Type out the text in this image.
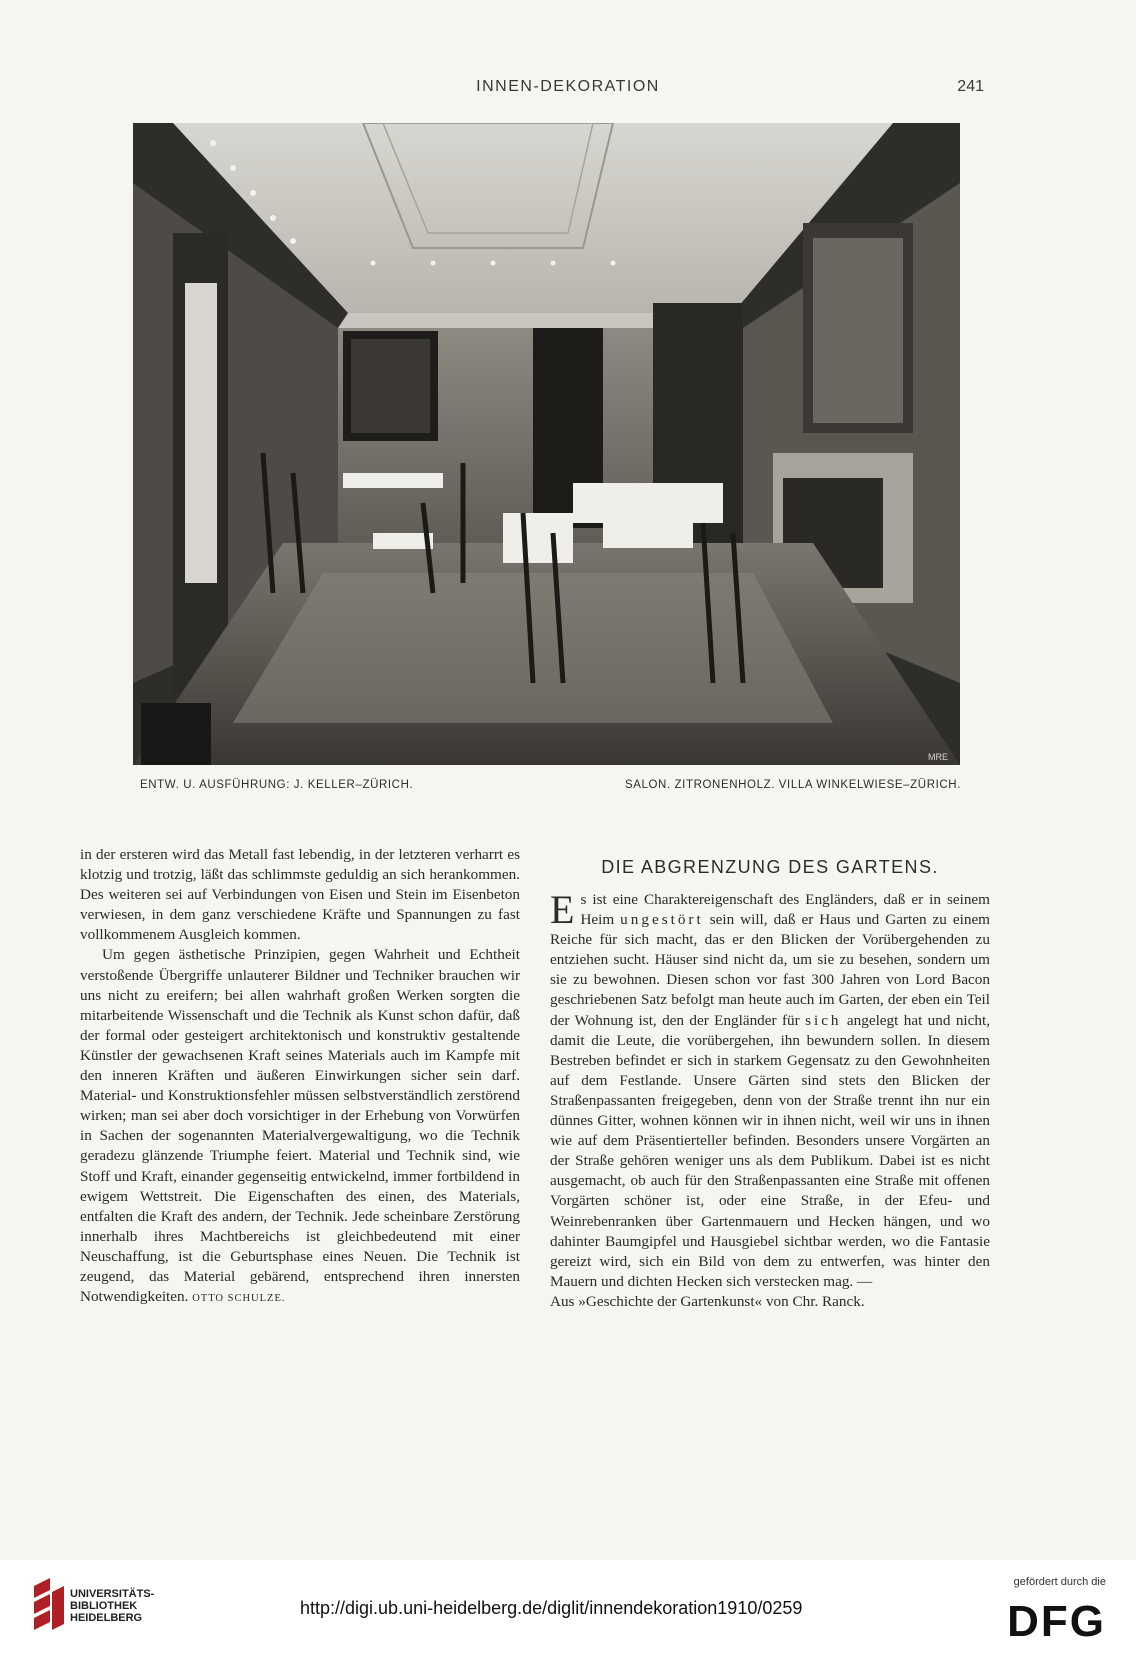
INNEN-DEKORATION	241
MRE
ENTW. U. AUSFÜHRUNG: J. KELLER–ZÜRICH.	SALON. ZITRONENHOLZ. VILLA WINKELWIESE–ZÜRICH.

in der ersteren wird das Metall fast lebendig, in der letzteren verharrt es klotzig und trotzig, läßt das schlimmste geduldig an sich herankommen. Des weiteren sei auf Verbindungen von Eisen und Stein im Eisenbeton verwiesen, in dem ganz verschiedene Kräfte und Spannungen zu fast vollkommenem Ausgleich kommen.

Um gegen ästhetische Prinzipien, gegen Wahrheit und Echtheit verstoßende Übergriffe unlauterer Bildner und Techniker brauchen wir uns nicht zu ereifern; bei allen wahrhaft großen Werken sorgten die mitarbeitende Wissenschaft und die Technik als Kunst schon dafür, daß der formal oder gesteigert architektonisch und konstruktiv gestaltende Künstler der gewachsenen Kraft seines Materials auch im Kampfe mit den inneren Kräften und äußeren Einwirkungen sicher sein darf. Material- und Konstruktionsfehler müssen selbstverständlich zerstörend wirken; man sei aber doch vorsichtiger in der Erhebung von Vorwürfen in Sachen der sogenannten Materialvergewaltigung, wo die Technik geradezu glänzende Triumphe feiert. Material und Technik sind, wie Stoff und Kraft, einander gegenseitig entwickelnd, immer fortbildend in ewigem Wettstreit. Die Eigenschaften des einen, des Materials, entfalten die Kraft des andern, der Technik. Jede scheinbare Zerstörung innerhalb ihres Machtbereichs ist gleichbedeutend mit einer Neuschaffung, ist die Geburtsphase eines Neuen. Die Technik ist zeugend, das Material gebärend, entsprechend ihren innersten Notwendigkeiten. OTTO SCHULZE.

DIE ABGRENZUNG DES GARTENS.

Es ist eine Charaktereigenschaft des Engländers, daß er in seinem Heim ungestört sein will, daß er Haus und Garten zu einem Reiche für sich macht, das er den Blicken der Vorübergehenden zu entziehen sucht. Häuser sind nicht da, um sie zu besehen, sondern um sie zu bewohnen. Diesen schon vor fast 300 Jahren von Lord Bacon geschriebenen Satz befolgt man heute auch im Garten, der eben ein Teil der Wohnung ist, den der Engländer für sich angelegt hat und nicht, damit die Leute, die vorübergehen, ihn bewundern sollen. In diesem Bestreben befindet er sich in starkem Gegensatz zu den Gewohnheiten auf dem Festlande. Unsere Gärten sind stets den Blicken der Straßenpassanten freigegeben, denn von der Straße trennt ihn nur ein dünnes Gitter, wohnen können wir in ihnen nicht, weil wir uns in ihnen wie auf dem Präsentierteller befinden. Besonders unsere Vorgärten an der Straße gehören weniger uns als dem Publikum. Dabei ist es nicht ausgemacht, ob auch für den Straßenpassanten eine Straße mit offenen Vorgärten schöner ist, oder eine Straße, in der Efeu- und Weinrebenranken über Gartenmauern und Hecken hängen, und wo dahinter Baumgipfel und Hausgiebel sichtbar werden, wo die Fantasie gereizt wird, sich ein Bild von dem zu entwerfen, was hinter den Mauern und dichten Hecken sich verstecken mag. —

Aus »Geschichte der Gartenkunst« von Chr. Ranck.

UNIVERSITÄTS-
BIBLIOTHEK
HEIDELBERG	http://digi.ub.uni-heidelberg.de/diglit/innendekoration1910/0259
gefördert durch die
DFG
